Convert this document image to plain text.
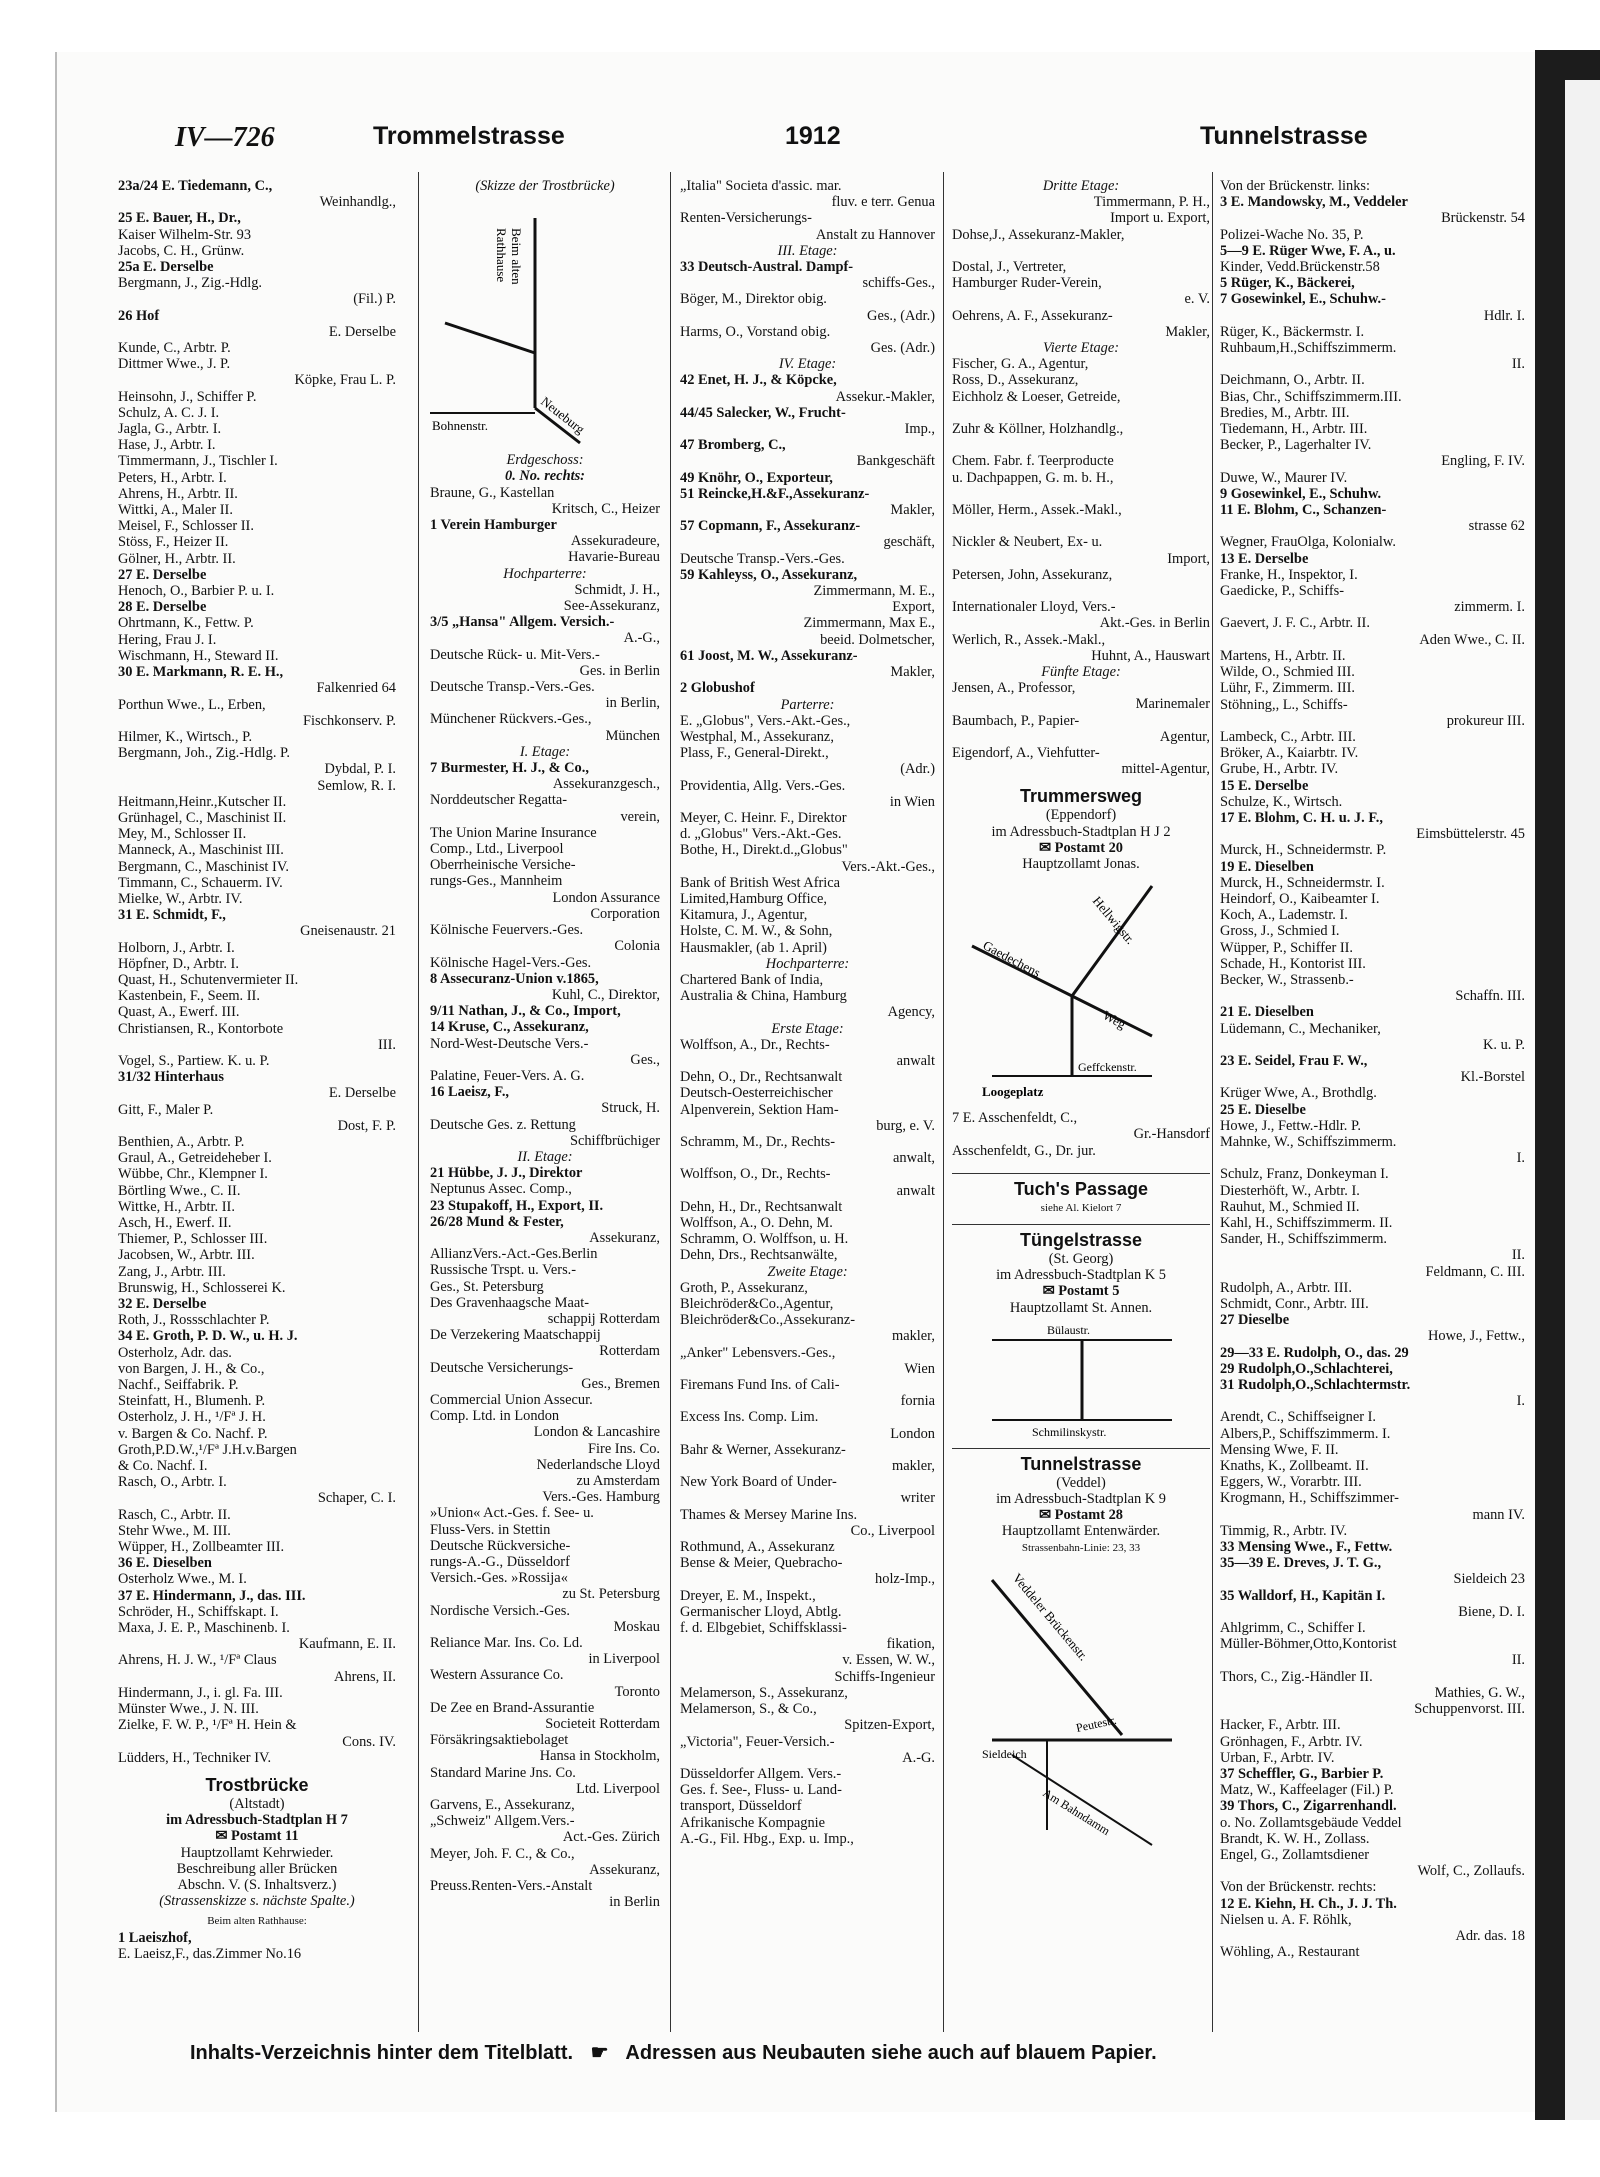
IV—726	Trommelstrasse	1912	Tunnelstrasse
23a/24 E. Tiedemann, C.,
Weinhandlg.,
25 E. Bauer, H., Dr.,
Kaiser Wilhelm-Str. 93
Jacobs, C. H., Grünw.
25a E. Derselbe
Bergmann, J., Zig.-Hdlg.
(Fil.) P.
26 Hof
E. Derselbe
Kunde, C., Arbtr. P.
Dittmer Wwe., J. P.
Köpke, Frau L. P.
Heinsohn, J., Schiffer P.
Schulz, A. C. J. I.
Jagla, G., Arbtr. I.
Hase, J., Arbtr. I.
Timmermann, J., Tischler I.
Peters, H., Arbtr. I.
Ahrens, H., Arbtr. II.
Wittki, A., Maler II.
Meisel, F., Schlosser II.
Stöss, F., Heizer II.
Gölner, H., Arbtr. II.
27 E. Derselbe
Henoch, O., Barbier P. u. I.
28 E. Derselbe
Ohrtmann, K., Fettw. P.
Hering, Frau J. I.
Wischmann, H., Steward II.
30 E. Markmann, R. E. H.,
Falkenried 64
Porthun Wwe., L., Erben,
Fischkonserv. P.
Hilmer, K., Wirtsch., P.
Bergmann, Joh., Zig.-Hdlg. P.
Dybdal, P. I.
Semlow, R. I.
Heitmann,Heinr.,Kutscher II.
Grünhagel, C., Maschinist II.
Mey, M., Schlosser II.
Manneck, A., Maschinist III.
Bergmann, C., Maschinist IV.
Timmann, C., Schauerm. IV.
Mielke, W., Arbtr. IV.
31 E. Schmidt, F.,
Gneisenaustr. 21
Holborn, J., Arbtr. I.
Höpfner, D., Arbtr. I.
Quast, H., Schutenvermieter II.
Kastenbein, F., Seem. II.
Quast, A., Ewerf. III.
Christiansen, R., Kontorbote
III.
Vogel, S., Partiew. K. u. P.
31/32 Hinterhaus
E. Derselbe
Gitt, F., Maler P.
Dost, F. P.
Benthien, A., Arbtr. P.
Graul, A., Getreideheber I.
Wübbe, Chr., Klempner I.
Börtling Wwe., C. II.
Wittke, H., Arbtr. II.
Asch, H., Ewerf. II.
Thiemer, P., Schlosser III.
Jacobsen, W., Arbtr. III.
Zang, J., Arbtr. III.
Brunswig, H., Schlosserei K.
32 E. Derselbe
Roth, J., Rossschlachter P.
34 E. Groth, P. D. W., u. H. J.
Osterholz, Adr. das.
von Bargen, J. H., & Co.,
Nachf., Seiffabrik. P.
Steinfatt, H., Blumenh. P.
Osterholz, J. H., ¹/Fª J. H.
v. Bargen & Co. Nachf. P.
Groth,P.D.W.,¹/Fª J.H.v.Bargen
& Co. Nachf. I.
Rasch, O., Arbtr. I.
Schaper, C. I.
Rasch, C., Arbtr. II.
Stehr Wwe., M. III.
Wüpper, H., Zollbeamter III.
36 E. Dieselben
Osterholz Wwe., M. I.
37 E. Hindermann, J., das. III.
Schröder, H., Schiffskapt. I.
Maxa, J. E. P., Maschinenb. I.
Kaufmann, E. II.
Ahrens, H. J. W., ¹/Fª Claus
Ahrens, II.
Hindermann, J., i. gl. Fa. III.
Münster Wwe., J. N. III.
Zielke, F. W. P., ¹/Fª H. Hein &
Cons. IV.
Lüdders, H., Techniker IV.
Trostbrücke
(Altstadt)
im Adressbuch-Stadtplan H 7
✉ Postamt 11
Hauptzollamt Kehrwieder.
Beschreibung aller Brücken
Abschn. V. (S. Inhaltsverz.)
(Strassenskizze s. nächste Spalte.)
Beim alten Rathhause:
1 Laeiszhof,
E. Laeisz,F., das.Zimmer No.16
(Skizze der Trostbrücke)
Beim alten
Rathhause
Bohnenstr.	Neueburg
Erdgeschoss:
0. No. rechts:
Braune, G., Kastellan
Kritsch, C., Heizer
1 Verein Hamburger
Assekuradeure,
Havarie-Bureau
Hochparterre:
Schmidt, J. H.,
See-Assekuranz,
3/5 „Hansa" Allgem. Versich.-
A.-G.,
Deutsche Rück- u. Mit-Vers.-
Ges. in Berlin
Deutsche Transp.-Vers.-Ges.
in Berlin,
Münchener Rückvers.-Ges.,
München
I. Etage:
7 Burmester, H. J., & Co.,
Assekuranzgesch.,
Norddeutscher Regatta-
verein,
The Union Marine Insurance
Comp., Ltd., Liverpool
Oberrheinische Versiche-
rungs-Ges., Mannheim
London Assurance
Corporation
Kölnische Feuervers.-Ges.
Colonia
Kölnische Hagel-Vers.-Ges.
8 Assecuranz-Union v.1865,
Kuhl, C., Direktor,
9/11 Nathan, J., & Co., Import,
14 Kruse, C., Assekuranz,
Nord-West-Deutsche Vers.-
Ges.,
Palatine, Feuer-Vers. A. G.
16 Laeisz, F.,
Struck, H.
Deutsche Ges. z. Rettung
Schiffbrüchiger
II. Etage:
21 Hübbe, J. J., Direktor
Neptunus Assec. Comp.,
23 Stupakoff, H., Export, II.
26/28 Mund & Fester,
Assekuranz,
AllianzVers.-Act.-Ges.Berlin
Russische Trspt. u. Vers.-
Ges., St. Petersburg
Des Gravenhaagsche Maat-
schappij Rotterdam
De Verzekering Maatschappij
Rotterdam
Deutsche Versicherungs-
Ges., Bremen
Commercial Union Assecur.
Comp. Ltd. in London
London & Lancashire
Fire Ins. Co.
Nederlandsche Lloyd
zu Amsterdam
Vers.-Ges. Hamburg
»Union« Act.-Ges. f. See- u.
Fluss-Vers. in Stettin
Deutsche Rückversiche-
rungs-A.-G., Düsseldorf
Versich.-Ges. »Rossija«
zu St. Petersburg
Nordische Versich.-Ges.
Moskau
Reliance Mar. Ins. Co. Ld.
in Liverpool
Western Assurance Co.
Toronto
De Zee en Brand-Assurantie
Societeit Rotterdam
Försäkringsaktiebolaget
Hansa in Stockholm,
Standard Marine Jns. Co.
Ltd. Liverpool
Garvens, E., Assekuranz,
„Schweiz" Allgem.Vers.-
Act.-Ges. Zürich
Meyer, Joh. F. C., & Co.,
Assekuranz,
Preuss.Renten-Vers.-Anstalt
in Berlin
„Italia" Societa d'assic. mar.
fluv. e terr. Genua
Renten-Versicherungs-
Anstalt zu Hannover
III. Etage:
33 Deutsch-Austral. Dampf-
schiffs-Ges.,
Böger, M., Direktor obig.
Ges., (Adr.)
Harms, O., Vorstand obig.
Ges. (Adr.)
IV. Etage:
42 Enet, H. J., & Köpcke,
Assekur.-Makler,
44/45 Salecker, W., Frucht-
Imp.,
47 Bromberg, C.,
Bankgeschäft
49 Knöhr, O., Exporteur,
51 Reincke,H.&F.,Assekuranz-
Makler,
57 Copmann, F., Assekuranz-
geschäft,
Deutsche Transp.-Vers.-Ges.
59 Kahleyss, O., Assekuranz,
Zimmermann, M. E.,
Export,
Zimmermann, Max E.,
beeid. Dolmetscher,
61 Joost, M. W., Assekuranz-
Makler,
2 Globushof
Parterre:
E. „Globus", Vers.-Akt.-Ges.,
Westphal, M., Assekuranz,
Plass, F., General-Direkt.,
(Adr.)
Providentia, Allg. Vers.-Ges.
in Wien
Meyer, C. Heinr. F., Direktor
d. „Globus" Vers.-Akt.-Ges.
Bothe, H., Direkt.d.„Globus"
Vers.-Akt.-Ges.,
Bank of British West Africa
Limited,Hamburg Office,
Kitamura, J., Agentur,
Holste, C. M. W., & Sohn,
Hausmakler, (ab 1. April)
Hochparterre:
Chartered Bank of India,
Australia & China, Hamburg
Agency,
Erste Etage:
Wolffson, A., Dr., Rechts-
anwalt
Dehn, O., Dr., Rechtsanwalt
Deutsch-Oesterreichischer
Alpenverein, Sektion Ham-
burg, e. V.
Schramm, M., Dr., Rechts-
anwalt,
Wolffson, O., Dr., Rechts-
anwalt
Dehn, H., Dr., Rechtsanwalt
Wolffson, A., O. Dehn, M.
Schramm, O. Wolffson, u. H.
Dehn, Drs., Rechtsanwälte,
Zweite Etage:
Groth, P., Assekuranz,
Bleichröder&Co.,Agentur,
Bleichröder&Co.,Assekuranz-
makler,
„Anker" Lebensvers.-Ges.,
Wien
Firemans Fund Ins. of Cali-
fornia
Excess Ins. Comp. Lim.
London
Bahr & Werner, Assekuranz-
makler,
New York Board of Under-
writer
Thames & Mersey Marine Ins.
Co., Liverpool
Rothmund, A., Assekuranz
Bense & Meier, Quebracho-
holz-Imp.,
Dreyer, E. M., Inspekt.,
Germanischer Lloyd, Abtlg.
f. d. Elbgebiet, Schiffsklassi-
fikation,
v. Essen, W. W.,
Schiffs-Ingenieur
Melamerson, S., Assekuranz,
Melamerson, S., & Co.,
Spitzen-Export,
„Victoria", Feuer-Versich.-
A.-G.
Düsseldorfer Allgem. Vers.-
Ges. f. See-, Fluss- u. Land-
transport, Düsseldorf
Afrikanische Kompagnie
A.-G., Fil. Hbg., Exp. u. Imp.,
Dritte Etage:
Timmermann, P. H.,
Import u. Export,
Dohse,J., Assekuranz-Makler,
Dostal, J., Vertreter,
Hamburger Ruder-Verein,
e. V.
Oehrens, A. F., Assekuranz-
Makler,
Vierte Etage:
Fischer, G. A., Agentur,
Ross, D., Assekuranz,
Eichholz & Loeser, Getreide,
Zuhr & Köllner, Holzhandlg.,
Chem. Fabr. f. Teerproducte
u. Dachpappen, G. m. b. H.,
Möller, Herm., Assek.-Makl.,
Nickler & Neubert, Ex- u.
Import,
Petersen, John, Assekuranz,
Internationaler Lloyd, Vers.-
Akt.-Ges. in Berlin
Werlich, R., Assek.-Makl.,
Huhnt, A., Hauswart
Fünfte Etage:
Jensen, A., Professor,
Marinemaler
Baumbach, P., Papier-
Agentur,
Eigendorf, A., Viehfutter-
mittel-Agentur,
Trummersweg
(Eppendorf)
im Adressbuch-Stadtplan H J 2
✉ Postamt 20
Hauptzollamt Jonas.
Hellwigstr.
Gaedechens
Weg
Loogeplatz
Geffckenstr.
7 E. Asschenfeldt, C.,
Gr.-Hansdorf
Asschenfeldt, G., Dr. jur.
Tuch's Passage
siehe Al. Kielort 7
Tüngelstrasse
(St. Georg)
im Adressbuch-Stadtplan K 5
✉ Postamt 5
Hauptzollamt St. Annen.
Bülaustr.
Schmilinskystr.
Tunnelstrasse
(Veddel)
im Adressbuch-Stadtplan K 9
✉ Postamt 28
Hauptzollamt Entenwärder.
Strassenbahn-Linie: 23, 33
Veddeler Brückenstr.
Peutestr.
Sieldeich
Am Bahndamm
Von der Brückenstr. links:
3 E. Mandowsky, M., Veddeler
Brückenstr. 54
Polizei-Wache No. 35, P.
5—9 E. Rüger Wwe, F. A., u.
Kinder, Vedd.Brückenstr.58
5 Rüger, K., Bäckerei,
7 Gosewinkel, E., Schuhw.-
Hdlr. I.
Rüger, K., Bäckermstr. I.
Ruhbaum,H.,Schiffszimmerm.
II.
Deichmann, O., Arbtr. II.
Bias, Chr., Schiffszimmerm.III.
Bredies, M., Arbtr. III.
Tiedemann, H., Arbtr. III.
Becker, P., Lagerhalter IV.
Engling, F. IV.
Duwe, W., Maurer IV.
9 Gosewinkel, E., Schuhw.
11 E. Blohm, C., Schanzen-
strasse 62
Wegner, FrauOlga, Kolonialw.
13 E. Derselbe
Franke, H., Inspektor, I.
Gaedicke, P., Schiffs-
zimmerm. I.
Gaevert, J. F. C., Arbtr. II.
Aden Wwe., C. II.
Martens, H., Arbtr. II.
Wilde, O., Schmied III.
Lühr, F., Zimmerm. III.
Stöhning,, L., Schiffs-
prokureur III.
Lambeck, C., Arbtr. III.
Bröker, A., Kaiarbtr. IV.
Grube, H., Arbtr. IV.
15 E. Derselbe
Schulze, K., Wirtsch.
17 E. Blohm, C. H. u. J. F.,
Eimsbüttelerstr. 45
Murck, H., Schneidermstr. P.
19 E. Dieselben
Murck, H., Schneidermstr. I.
Heindorf, O., Kaibeamter I.
Koch, A., Lademstr. I.
Gross, J., Schmied I.
Wüpper, P., Schiffer II.
Schade, H., Kontorist III.
Becker, W., Strassenb.-
Schaffn. III.
21 E. Dieselben
Lüdemann, C., Mechaniker,
K. u. P.
23 E. Seidel, Frau F. W.,
Kl.-Borstel
Krüger Wwe, A., Brothdlg.
25 E. Dieselbe
Howe, J., Fettw.-Hdlr. P.
Mahnke, W., Schiffszimmerm.
I.
Schulz, Franz, Donkeyman I.
Diesterhöft, W., Arbtr. I.
Rauhut, M., Schmied II.
Kahl, H., Schiffszimmerm. II.
Sander, H., Schiffszimmerm.
II.
Feldmann, C. III.
Rudolph, A., Arbtr. III.
Schmidt, Conr., Arbtr. III.
27 Dieselbe
Howe, J., Fettw.,
29—33 E. Rudolph, O., das. 29
29 Rudolph,O.,Schlachterei,
31 Rudolph,O.,Schlachtermstr.
I.
Arendt, C., Schiffseigner I.
Albers,P., Schiffszimmerm. I.
Mensing Wwe, F. II.
Knaths, K., Zollbeamt. II.
Eggers, W., Vorarbtr. III.
Krogmann, H., Schiffszimmer-
mann IV.
Timmig, R., Arbtr. IV.
33 Mensing Wwe., F., Fettw.
35—39 E. Dreves, J. T. G.,
Sieldeich 23
35 Walldorf, H., Kapitän I.
Biene, D. I.
Ahlgrimm, C., Schiffer I.
Müller-Böhmer,Otto,Kontorist
II.
Thors, C., Zig.-Händler II.
Mathies, G. W.,
Schuppenvorst. III.
Hacker, F., Arbtr. III.
Grönhagen, F., Arbtr. IV.
Urban, F., Arbtr. IV.
37 Scheffler, G., Barbier P.
Matz, W., Kaffeelager (Fil.) P.
39 Thors, C., Zigarrenhandl.
o. No. Zollamtsgebäude Veddel
Brandt, K. W. H., Zollass.
Engel, G., Zollamtsdiener
Wolf, C., Zollaufs.
Von der Brückenstr. rechts:
12 E. Kiehn, H. Ch., J. J. Th.
Nielsen u. A. F. Röhlk,
Adr. das. 18
Wöhling, A., Restaurant
Inhalts-Verzeichnis hinter dem Titelblatt. ☛ Adressen aus Neubauten siehe auch auf blauem Papier.
